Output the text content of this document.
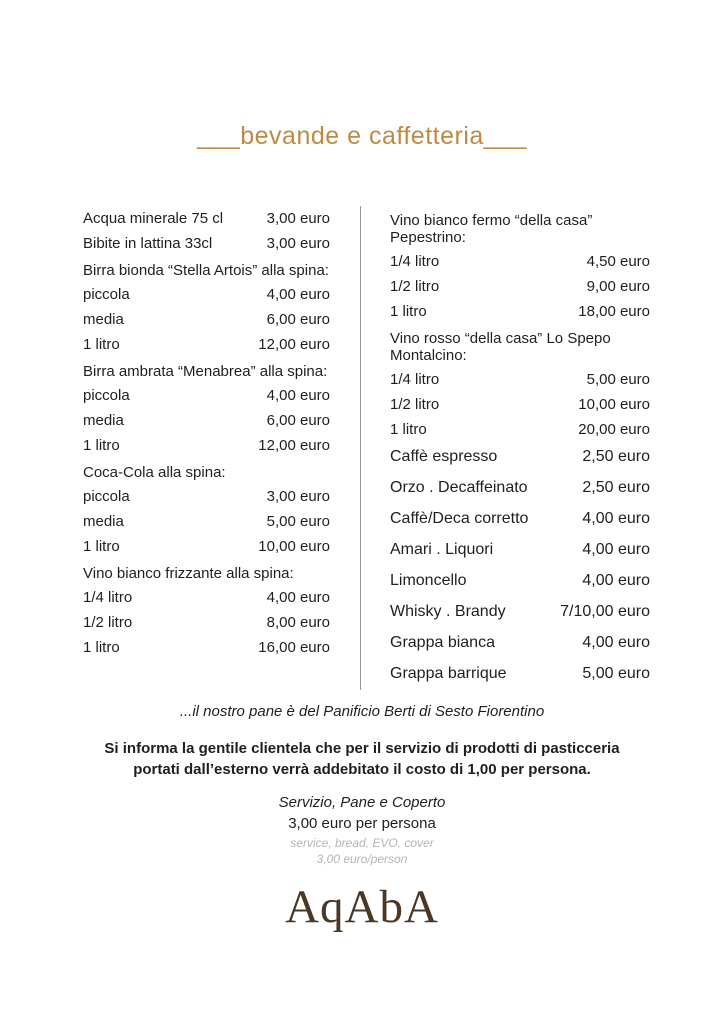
___bevande e caffetteria___
Acqua minerale 75 cl	3,00 euro
Bibite in lattina 33cl	3,00 euro
Birra bionda “Stella Artois” alla spina:
piccola	4,00 euro
media	6,00 euro
1 litro	12,00 euro
Birra ambrata “Menabrea” alla spina:
piccola	4,00 euro
media	6,00 euro
1 litro	12,00 euro
Coca-Cola alla spina:
piccola	3,00 euro
media	5,00 euro
1 litro	10,00 euro
Vino bianco frizzante alla spina:
1/4 litro	4,00 euro
1/2 litro	8,00 euro
1 litro	16,00 euro
Vino bianco fermo “della casa” Pepestrino:
1/4 litro	4,50 euro
1/2 litro	9,00 euro
1 litro	18,00 euro
Vino rosso “della casa” Lo Spepo Montalcino:
1/4 litro	5,00 euro
1/2 litro	10,00 euro
1 litro	20,00 euro
Caffè espresso	2,50 euro
Orzo . Decaffeinato	2,50 euro
Caffè/Deca corretto	4,00 euro
Amari . Liquori	4,00 euro
Limoncello	4,00 euro
Whisky . Brandy	7/10,00 euro
Grappa bianca	4,00 euro
Grappa barrique	5,00 euro
...il nostro pane è del Panificio Berti di Sesto Fiorentino
Si informa la gentile clientela che per il servizio di prodotti di pasticceria portati dall’esterno verrà addebitato il costo di 1,00 per persona.
Servizio, Pane e Coperto
3,00 euro per persona
service, bread, EVO, cover
3,00 euro/person
AqAbA
